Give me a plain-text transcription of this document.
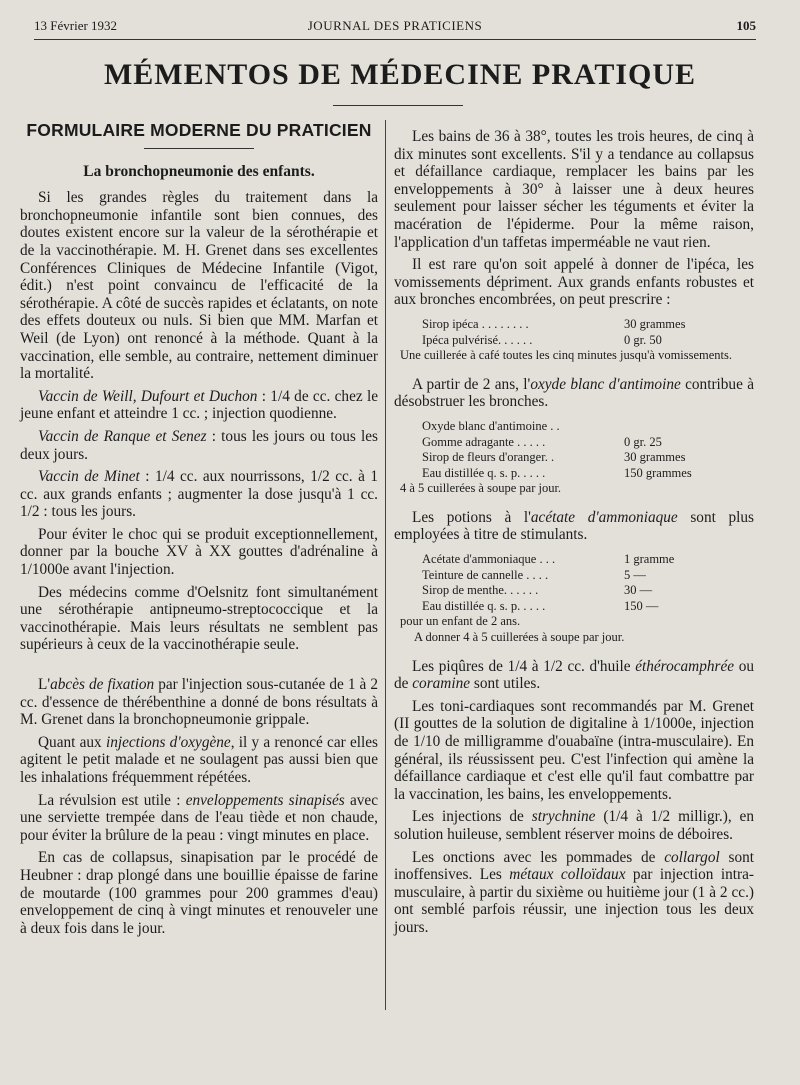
13 Février 1932	JOURNAL DES PRATICIENS	105
MÉMENTOS DE MÉDECINE PRATIQUE
FORMULAIRE MODERNE DU PRATICIEN
La bronchopneumonie des enfants.

Si les grandes règles du traitement dans la bronchopneumonie infantile sont bien connues, des doutes existent encore sur la valeur de la sérothérapie et de la vaccinothérapie. M. H. Grenet dans ses excellentes Conférences Cliniques de Médecine Infantile (Vigot, édit.) n'est point convaincu de l'efficacité de la sérothérapie. A côté de succès rapides et éclatants, on note des effets douteux ou nuls. Si bien que MM. Marfan et Weil (de Lyon) ont renoncé à la méthode. Quant à la vaccination, elle semble, au contraire, nettement diminuer la mortalité.

Vaccin de Weill, Dufourt et Duchon : 1/4 de cc. chez le jeune enfant et atteindre 1 cc. ; injection quodienne.

Vaccin de Ranque et Senez : tous les jours ou tous les deux jours.

Vaccin de Minet : 1/4 cc. aux nourrissons, 1/2 cc. à 1 cc. aux grands enfants ; augmenter la dose jusqu'à 1 cc. 1/2 : tous les jours.

Pour éviter le choc qui se produit exceptionnellement, donner par la bouche XV à XX gouttes d'adrénaline à 1/1000e avant l'injection.

Des médecins comme d'Oelsnitz font simultanément une sérothérapie antipneumo-streptococcique et la vaccinothérapie. Mais leurs résultats ne semblent pas supérieurs à ceux de la vaccinothérapie seule.

L'abcès de fixation par l'injection sous-cutanée de 1 à 2 cc. d'essence de thérébenthine a donné de bons résultats à M. Grenet dans la bronchopneumonie grippale.

Quant aux injections d'oxygène, il y a renoncé car elles agitent le petit malade et ne soulagent pas aussi bien que les inhalations fréquemment répétées.

La révulsion est utile : enveloppements sinapisés avec une serviette trempée dans de l'eau tiède et non chaude, pour éviter la brûlure de la peau : vingt minutes en place.

En cas de collapsus, sinapisation par le procédé de Heubner : drap plongé dans une bouillie épaisse de farine de moutarde (100 grammes pour 200 grammes d'eau) enveloppement de cinq à vingt minutes et renouveler une à deux fois dans le jour.

Les bains de 36 à 38°, toutes les trois heures, de cinq à dix minutes sont excellents. S'il y a tendance au collapsus et défaillance cardiaque, remplacer les bains par les enveloppements à 30° à laisser une à deux heures seulement pour laisser sécher les téguments et éviter la macération de l'épiderme. Pour la même raison, l'application d'un taffetas imperméable ne vaut rien.

Il est rare qu'on soit appelé à donner de l'ipéca, les vomissements dépriment. Aux grands enfants robustes et aux bronches encombrées, on peut prescrire :

Sirop ipéca . . . . . . . .	30 grammes
Ipéca pulvérisé. . . . . .	0 gr. 50
Une cuillerée à café toutes les cinq minutes jusqu'à vomissements.

A partir de 2 ans, l'oxyde blanc d'antimoine contribue à désobstruer les bronches.

Oxyde blanc d'antimoine . .
Gomme adragante . . . . .	0 gr. 25
Sirop de fleurs d'oranger. .	30 grammes
Eau distillée q. s. p. . . . .	150 grammes
4 à 5 cuillerées à soupe par jour.

Les potions à l'acétate d'ammoniaque sont plus employées à titre de stimulants.

Acétate d'ammoniaque . . .	1 gramme
Teinture de cannelle . . . .	5 —
Sirop de menthe. . . . . .	30 —
Eau distillée q. s. p. . . . .	150 —
pour un enfant de 2 ans.
A donner 4 à 5 cuillerées à soupe par jour.

Les piqûres de 1/4 à 1/2 cc. d'huile éthérocamphrée ou de coramine sont utiles.

Les toni-cardiaques sont recommandés par M. Grenet (II gouttes de la solution de digitaline à 1/1000e, injection de 1/10 de milligramme d'ouabaïne (intra-musculaire). En général, ils réussissent peu. C'est l'infection qui amène la défaillance cardiaque et c'est elle qu'il faut combattre par la vaccination, les bains, les enveloppements.

Les injections de strychnine (1/4 à 1/2 milligr.), en solution huileuse, semblent réserver moins de déboires.

Les onctions avec les pommades de collargol sont inoffensives. Les métaux colloïdaux par injection intra-musculaire, à partir du sixième ou huitième jour (1 à 2 cc.) ont semblé parfois réussir, une injection tous les deux jours.
